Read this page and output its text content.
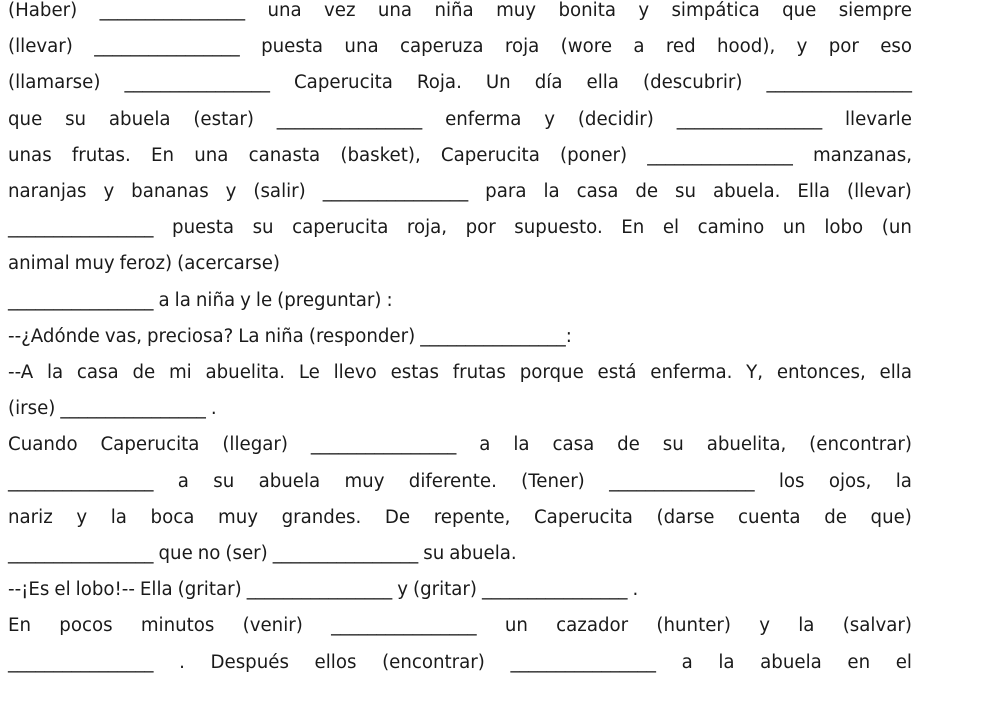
(Haber) ________________ una vez una niña muy bonita y simpática que siempre
(llevar) ________________ puesta una caperuza roja (wore a red hood), y por eso
(llamarse) ________________ Caperucita Roja. Un día ella (descubrir) ________________
que su abuela (estar) ________________ enferma y (decidir) ________________ llevarle
unas frutas. En una canasta (basket), Caperucita (poner) ________________ manzanas,
naranjas y bananas y (salir) ________________ para la casa de su abuela. Ella (llevar)
________________ puesta su caperucita roja, por supuesto. En el camino un lobo (un
animal muy feroz) (acercarse)
________________ a la niña y le (preguntar) :
--¿Adónde vas, preciosa? La niña (responder) ________________:
--A la casa de mi abuelita. Le llevo estas frutas porque está enferma. Y, entonces, ella
(irse) ________________ .
Cuando Caperucita (llegar) ________________ a la casa de su abuelita, (encontrar)
________________ a su abuela muy diferente. (Tener) ________________ los ojos, la
nariz y la boca muy grandes. De repente, Caperucita (darse cuenta de que)
________________ que no (ser) ________________ su abuela.
--¡Es el lobo!-- Ella (gritar) ________________ y (gritar) ________________ .
En pocos minutos (venir) ________________ un cazador (hunter) y la (salvar)
________________ . Después ellos (encontrar) ________________ a la abuela en el
